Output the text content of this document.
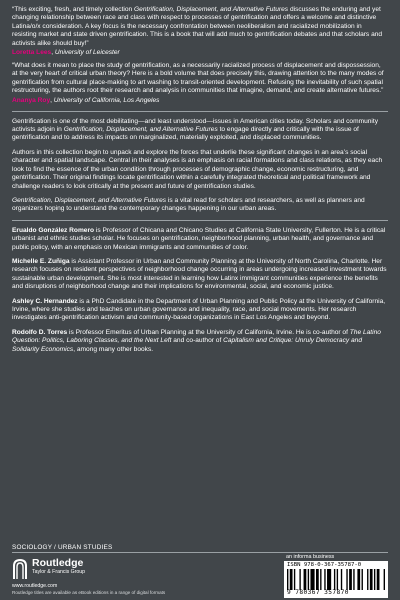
“This exciting, fresh, and timely collection Gentrification, Displacement, and Alternative Futures discusses the enduring and yet changing relationship between race and class with respect to processes of gentrification and offers a welcome and distinctive Latina/o/x consideration. A key focus is the necessary confrontation between neoliberalism and racialized mobilization in resisting market and state driven gentrification. This is a book that will add much to gentrification debates and that scholars and activists alike should buy!”

Loretta Lees, University of Leicester

“What does it mean to place the study of gentrification, as a necessarily racialized process of displacement and dispossession, at the very heart of critical urban theory? Here is a bold volume that does precisely this, drawing attention to the many modes of gentrification from cultural place-making to art washing to transit-oriented development. Refusing the inevitability of such spatial restructuring, the authors root their research and analysis in communities that imagine, demand, and create alternative futures.”

Ananya Roy, University of California, Los Angeles

Gentrification is one of the most debilitating—and least understood—issues in American cities today. Scholars and community activists adjoin in Gentrification, Displacement, and Alternative Futures to engage directly and critically with the issue of gentrification and to address its impacts on marginalized, materially exploited, and displaced communities.

Authors in this collection begin to unpack and explore the forces that underlie these significant changes in an area’s social character and spatial landscape. Central in their analyses is an emphasis on racial formations and class relations, as they each look to find the essence of the urban condition through processes of demographic change, economic restructuring, and gentrification. Their original findings locate gentrification within a carefully integrated theoretical and political framework and challenge readers to look critically at the present and future of gentrification studies.

Gentrification, Displacement, and Alternative Futures is a vital read for scholars and researchers, as well as planners and organizers hoping to understand the contemporary changes happening in our urban areas.

Erualdo González Romero is Professor of Chicana and Chicano Studies at California State University, Fullerton. He is a critical urbanist and ethnic studies scholar. He focuses on gentrification, neighborhood planning, urban health, and governance and public policy, with an emphasis on Mexican immigrants and communities of color.

Michelle E. Zuñiga is Assistant Professor in Urban and Community Planning at the University of North Carolina, Charlotte. Her research focuses on resident perspectives of neighborhood change occurring in areas undergoing increased investment towards sustainable urban development. She is most interested in learning how Latinx immigrant communities experience the benefits and disruptions of neighborhood change and their implications for environmental, social, and economic justice.

Ashley C. Hernandez is a PhD Candidate in the Department of Urban Planning and Public Policy at the University of California, Irvine, where she studies and teaches on urban governance and inequality, race, and social movements. Her research investigates anti-gentrification activism and community-based organizations in East Los Angeles and beyond.

Rodolfo D. Torres is Professor Emeritus of Urban Planning at the University of California, Irvine. He is co-author of The Latino Question: Politics, Laboring Classes, and the Next Left and co-author of Capitalism and Critique: Unruly Democracy and Solidarity Economics, among many other books.

SOCIOLOGY / URBAN STUDIES
Routledge
Taylor & Francis Group
www.routledge.com
an informa business
ISBN 978-0-367-35787-0
9 780367 357870
Routledge titles are available as eBook editions in a range of digital formats
